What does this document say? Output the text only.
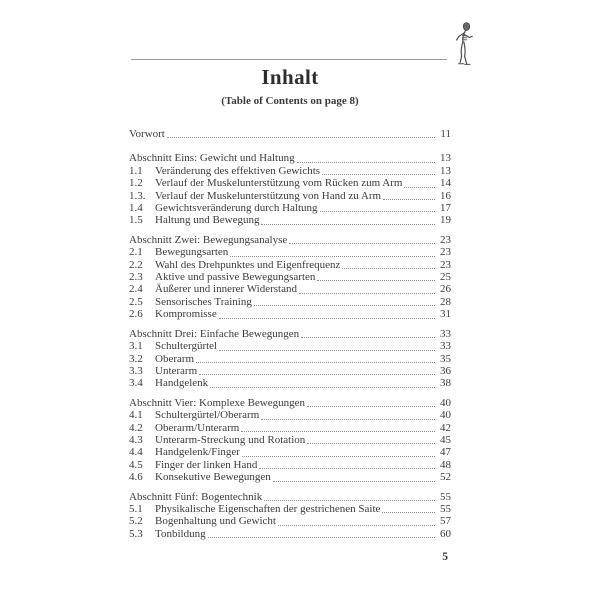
Inhalt
(Table of Contents on page 8)
Vorwort	11
Abschnitt Eins: Gewicht und Haltung	13
1.1	Veränderung des effektiven Gewichts	13
1.2	Verlauf der Muskelunterstützung vom Rücken zum Arm	14
1.3. Verlauf der Muskelunterstützung von Hand zu Arm	16
1.4	Gewichtsveränderung durch Haltung	17
1.5	Haltung und Bewegung	19
Abschnitt Zwei: Bewegungsanalyse	23
2.1	Bewegungsarten	23
2.2	Wahl des Drehpunktes und Eigenfrequenz	23
2.3	Aktive und passive Bewegungsarten	25
2.4	Äußerer und innerer Widerstand	26
2.5	Sensorisches Training	28
2.6	Kompromisse	31
Abschnitt Drei: Einfache Bewegungen	33
3.1	Schultergürtel	33
3.2	Oberarm	35
3.3	Unterarm	36
3.4	Handgelenk	38
Abschnitt Vier: Komplexe Bewegungen	40
4.1	Schultergürtel/Oberarm	40
4.2	Oberarm/Unterarm	42
4.3	Unterarm-Streckung und Rotation	45
4.4	Handgelenk/Finger	47
4.5	Finger der linken Hand	48
4.6	Konsekutive Bewegungen	52
Abschnitt Fünf: Bogentechnik	55
5.1	Physikalische Eigenschaften der gestrichenen Saite	55
5.2	Bogenhaltung und Gewicht	57
5.3	Tonbildung	60
5
